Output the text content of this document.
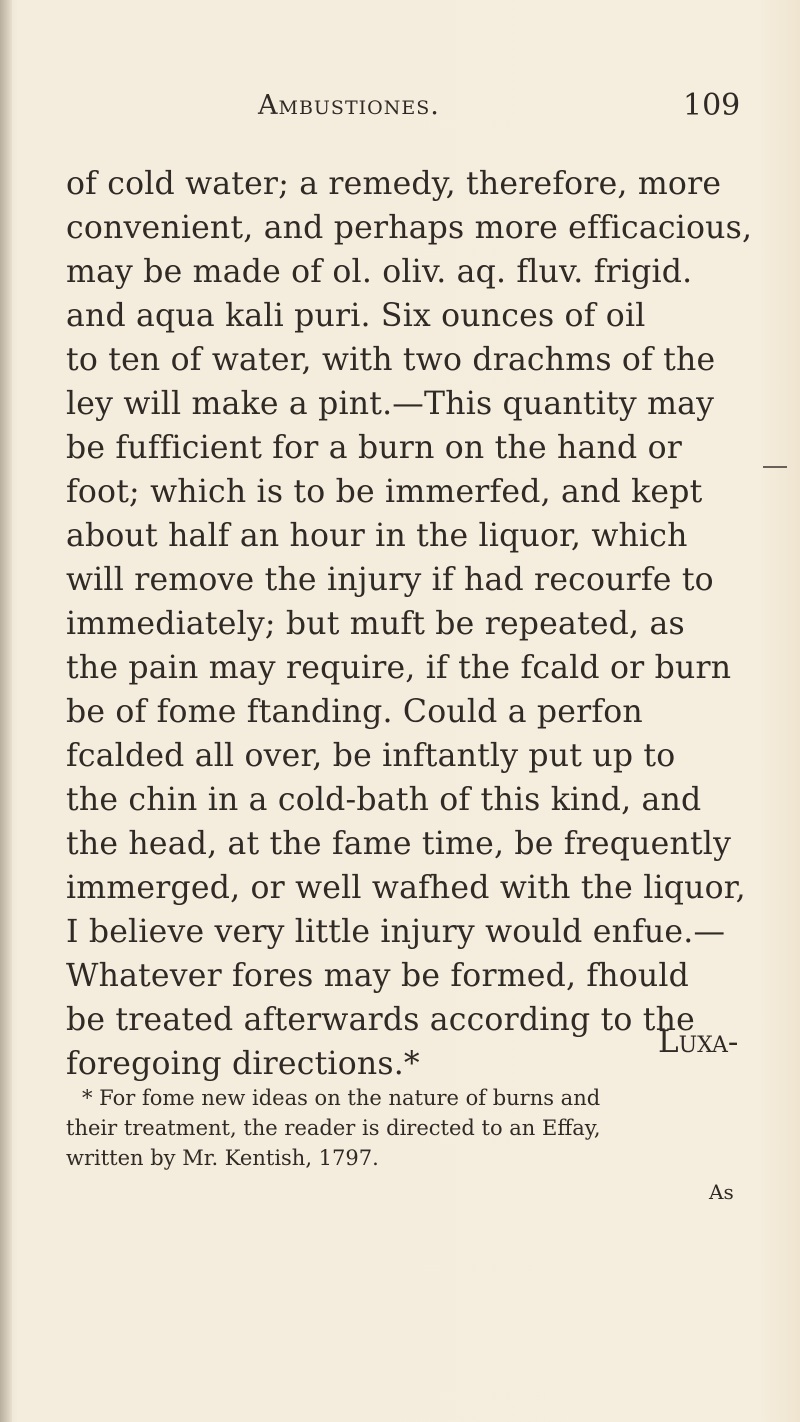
Ambustiones.	109
of cold water; a remedy, therefore, more
convenient, and perhaps more efficacious,
may be made of ol. oliv. aq. fluv. frigid.
and aqua kali puri. Six ounces of oil
to ten of water, with two drachms of the
ley will make a pint.—This quantity may
be fufficient for a burn on the hand or
foot; which is to be immerfed, and kept
about half an hour in the liquor, which
will remove the injury if had recourfe to
immediately; but muft be repeated, as
the pain may require, if the fcald or burn
be of fome ftanding. Could a perfon
fcalded all over, be inftantly put up to
the chin in a cold-bath of this kind, and
the head, at the fame time, be frequently
immerged, or well wafhed with the liquor,
I believe very little injury would enfue.—
Whatever fores may be formed, fhould
be treated afterwards according to the
foregoing directions.*
Luxa-
* For fome new ideas on the nature of burns and
their treatment, the reader is directed to an Effay,
written by Mr. Kentish, 1797.
As
